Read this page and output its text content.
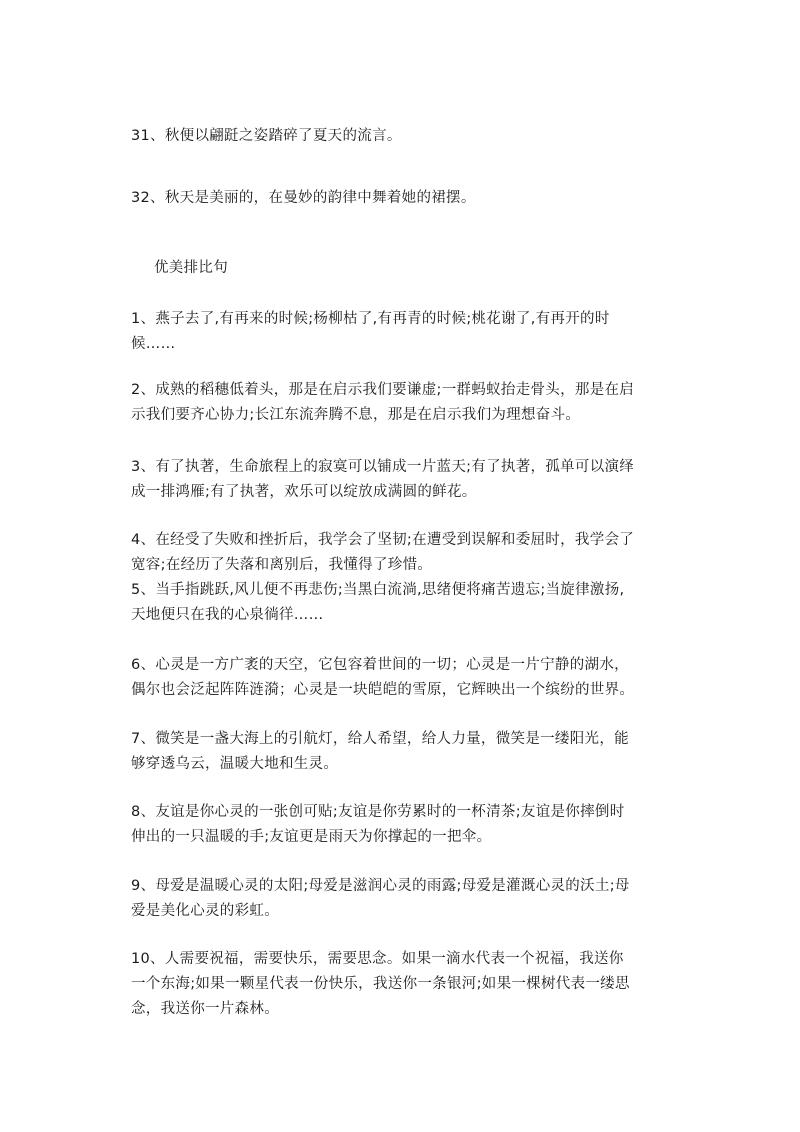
31、秋便以翩跹之姿踏碎了夏天的流言。

32、秋天是美丽的，在曼妙的韵律中舞着她的裙摆。

优美排比句

1、燕子去了,有再来的时候;杨柳枯了,有再青的时候;桃花谢了,有再开的时
候……

2、成熟的稻穗低着头，那是在启示我们要谦虚;一群蚂蚁抬走骨头，那是在启
示我们要齐心协力;长江东流奔腾不息，那是在启示我们为理想奋斗。

3、有了执著，生命旅程上的寂寞可以铺成一片蓝天;有了执著，孤单可以演绎
成一排鸿雁;有了执著，欢乐可以绽放成满圆的鲜花。

4、在经受了失败和挫折后，我学会了坚韧;在遭受到误解和委屈时，我学会了
宽容;在经历了失落和离别后，我懂得了珍惜。

5、当手指跳跃,风儿便不再悲伤;当黑白流淌,思绪便将痛苦遗忘;当旋律激扬,
天地便只在我的心泉徜徉……

6、心灵是一方广袤的天空，它包容着世间的一切；心灵是一片宁静的湖水，
偶尔也会泛起阵阵涟漪；心灵是一块皑皑的雪原，它辉映出一个缤纷的世界。

7、微笑是一盏大海上的引航灯，给人希望，给人力量，微笑是一缕阳光，能
够穿透乌云，温暖大地和生灵。

8、友谊是你心灵的一张创可贴;友谊是你劳累时的一杯清茶;友谊是你摔倒时
伸出的一只温暖的手;友谊更是雨天为你撑起的一把伞。

9、母爱是温暖心灵的太阳;母爱是滋润心灵的雨露;母爱是灌溉心灵的沃土;母
爱是美化心灵的彩虹。

10、人需要祝福，需要快乐，需要思念。如果一滴水代表一个祝福，我送你
一个东海;如果一颗星代表一份快乐，我送你一条银河;如果一棵树代表一缕思
念，我送你一片森林。
